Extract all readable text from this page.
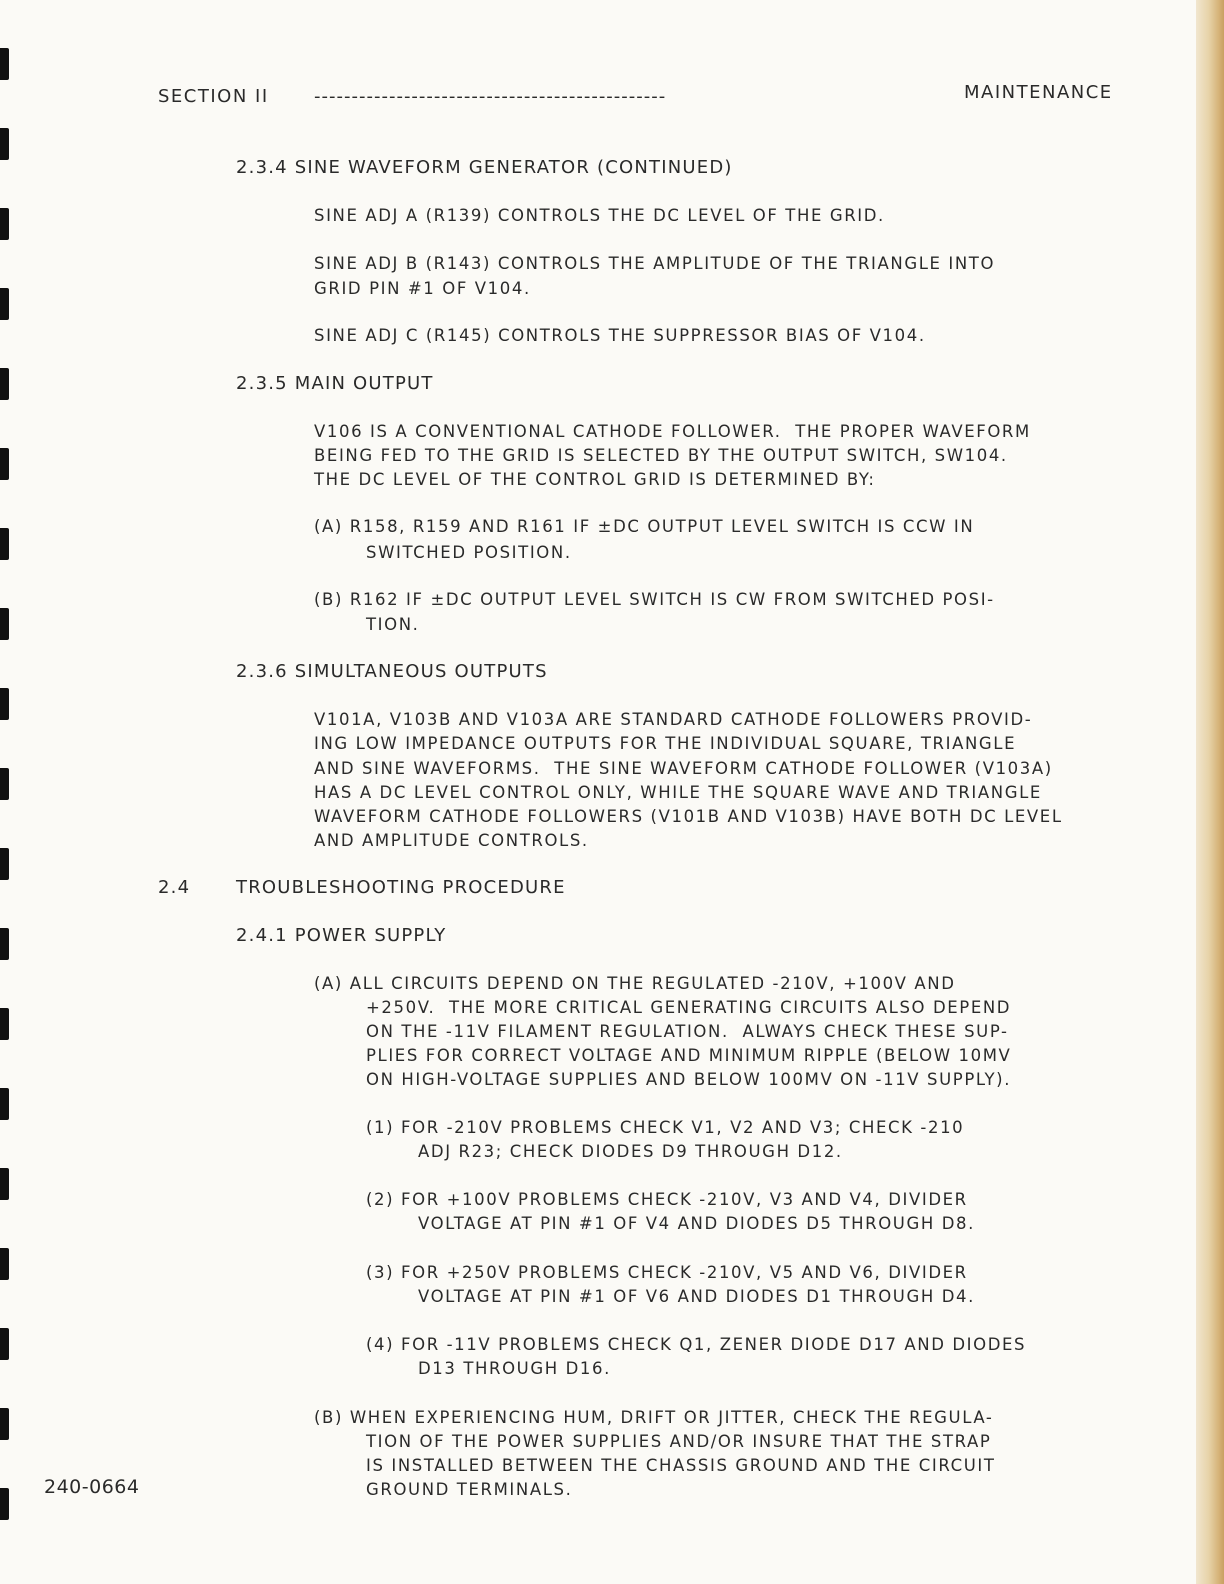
SECTION II	-----------------------------------------------	MAINTENANCE
2.3.4 SINE WAVEFORM GENERATOR (CONTINUED)
SINE ADJ A (R139) CONTROLS THE DC LEVEL OF THE GRID.
SINE ADJ B (R143) CONTROLS THE AMPLITUDE OF THE TRIANGLE INTO
GRID PIN #1 OF V104.
SINE ADJ C (R145) CONTROLS THE SUPPRESSOR BIAS OF V104.
2.3.5 MAIN OUTPUT
V106 IS A CONVENTIONAL CATHODE FOLLOWER.  THE PROPER WAVEFORM
BEING FED TO THE GRID IS SELECTED BY THE OUTPUT SWITCH, SW104.
THE DC LEVEL OF THE CONTROL GRID IS DETERMINED BY:
(A) R158, R159 AND R161 IF ±DC OUTPUT LEVEL SWITCH IS CCW IN
SWITCHED POSITION.
(B) R162 IF ±DC OUTPUT LEVEL SWITCH IS CW FROM SWITCHED POSI-
TION.
2.3.6 SIMULTANEOUS OUTPUTS
V101A, V103B AND V103A ARE STANDARD CATHODE FOLLOWERS PROVID-
ING LOW IMPEDANCE OUTPUTS FOR THE INDIVIDUAL SQUARE, TRIANGLE
AND SINE WAVEFORMS.  THE SINE WAVEFORM CATHODE FOLLOWER (V103A)
HAS A DC LEVEL CONTROL ONLY, WHILE THE SQUARE WAVE AND TRIANGLE
WAVEFORM CATHODE FOLLOWERS (V101B AND V103B) HAVE BOTH DC LEVEL
AND AMPLITUDE CONTROLS.
2.4	TROUBLESHOOTING PROCEDURE
2.4.1 POWER SUPPLY
(A) ALL CIRCUITS DEPEND ON THE REGULATED -210V, +100V AND
+250V.  THE MORE CRITICAL GENERATING CIRCUITS ALSO DEPEND
ON THE -11V FILAMENT REGULATION.  ALWAYS CHECK THESE SUP-
PLIES FOR CORRECT VOLTAGE AND MINIMUM RIPPLE (BELOW 10MV
ON HIGH-VOLTAGE SUPPLIES AND BELOW 100MV ON -11V SUPPLY).
(1) FOR -210V PROBLEMS CHECK V1, V2 AND V3; CHECK -210
ADJ R23; CHECK DIODES D9 THROUGH D12.
(2) FOR +100V PROBLEMS CHECK -210V, V3 AND V4, DIVIDER
VOLTAGE AT PIN #1 OF V4 AND DIODES D5 THROUGH D8.
(3) FOR +250V PROBLEMS CHECK -210V, V5 AND V6, DIVIDER
VOLTAGE AT PIN #1 OF V6 AND DIODES D1 THROUGH D4.
(4) FOR -11V PROBLEMS CHECK Q1, ZENER DIODE D17 AND DIODES
D13 THROUGH D16.
(B) WHEN EXPERIENCING HUM, DRIFT OR JITTER, CHECK THE REGULA-
TION OF THE POWER SUPPLIES AND/OR INSURE THAT THE STRAP
IS INSTALLED BETWEEN THE CHASSIS GROUND AND THE CIRCUIT
GROUND TERMINALS.
240-0664
